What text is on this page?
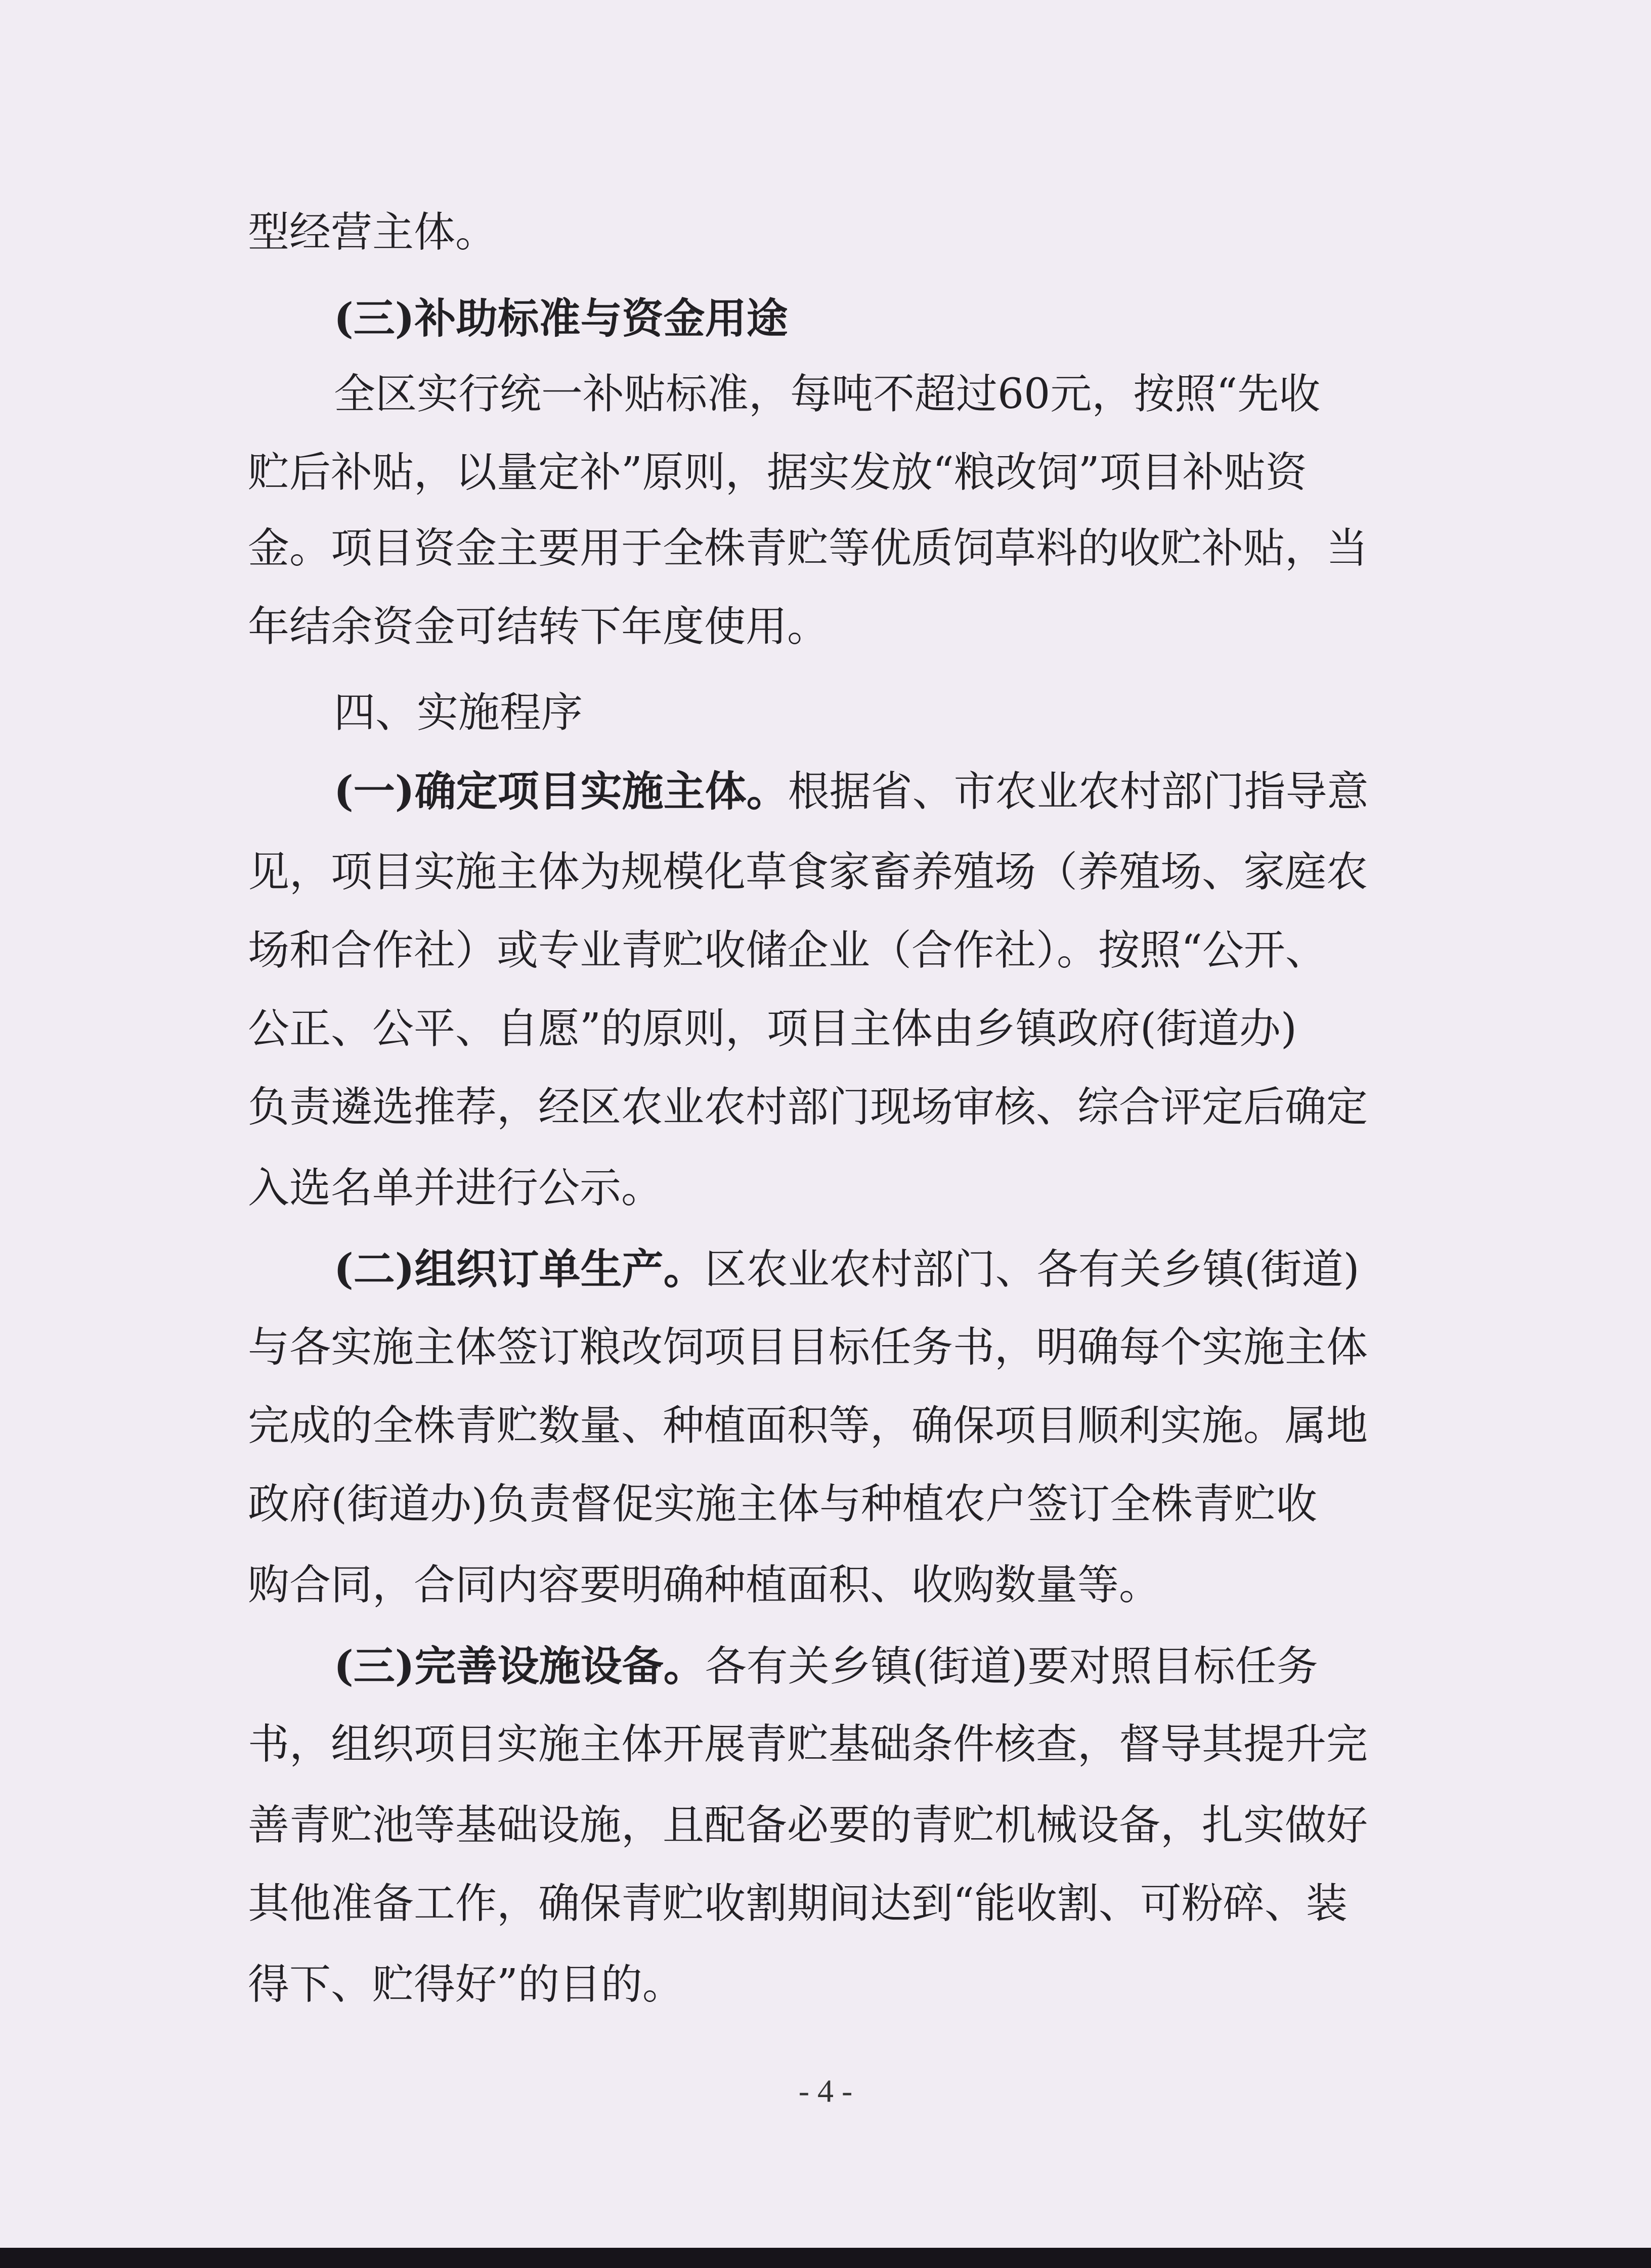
型经营主体。

(三)补助标准与资金用途

全区实行统一补贴标准，每吨不超过60元，按照“先收

贮后补贴，以量定补”原则，据实发放“粮改饲”项目补贴资

金。项目资金主要用于全株青贮等优质饲草料的收贮补贴，当

年结余资金可结转下年度使用。

四、实施程序

(一)确定项目实施主体。根据省、市农业农村部门指导意

见，项目实施主体为规模化草食家畜养殖场（养殖场、家庭农

场和合作社）或专业青贮收储企业（合作社）。按照“公开、

公正、公平、自愿”的原则，项目主体由乡镇政府(街道办)

负责遴选推荐，经区农业农村部门现场审核、综合评定后确定

入选名单并进行公示。

(二)组织订单生产。区农业农村部门、各有关乡镇(街道)

与各实施主体签订粮改饲项目目标任务书，明确每个实施主体

完成的全株青贮数量、种植面积等，确保项目顺利实施。属地

政府(街道办)负责督促实施主体与种植农户签订全株青贮收

购合同，合同内容要明确种植面积、收购数量等。

(三)完善设施设备。各有关乡镇(街道)要对照目标任务

书，组织项目实施主体开展青贮基础条件核查，督导其提升完

善青贮池等基础设施，且配备必要的青贮机械设备，扎实做好

其他准备工作，确保青贮收割期间达到“能收割、可粉碎、装

得下、贮得好”的目的。

- 4 -
